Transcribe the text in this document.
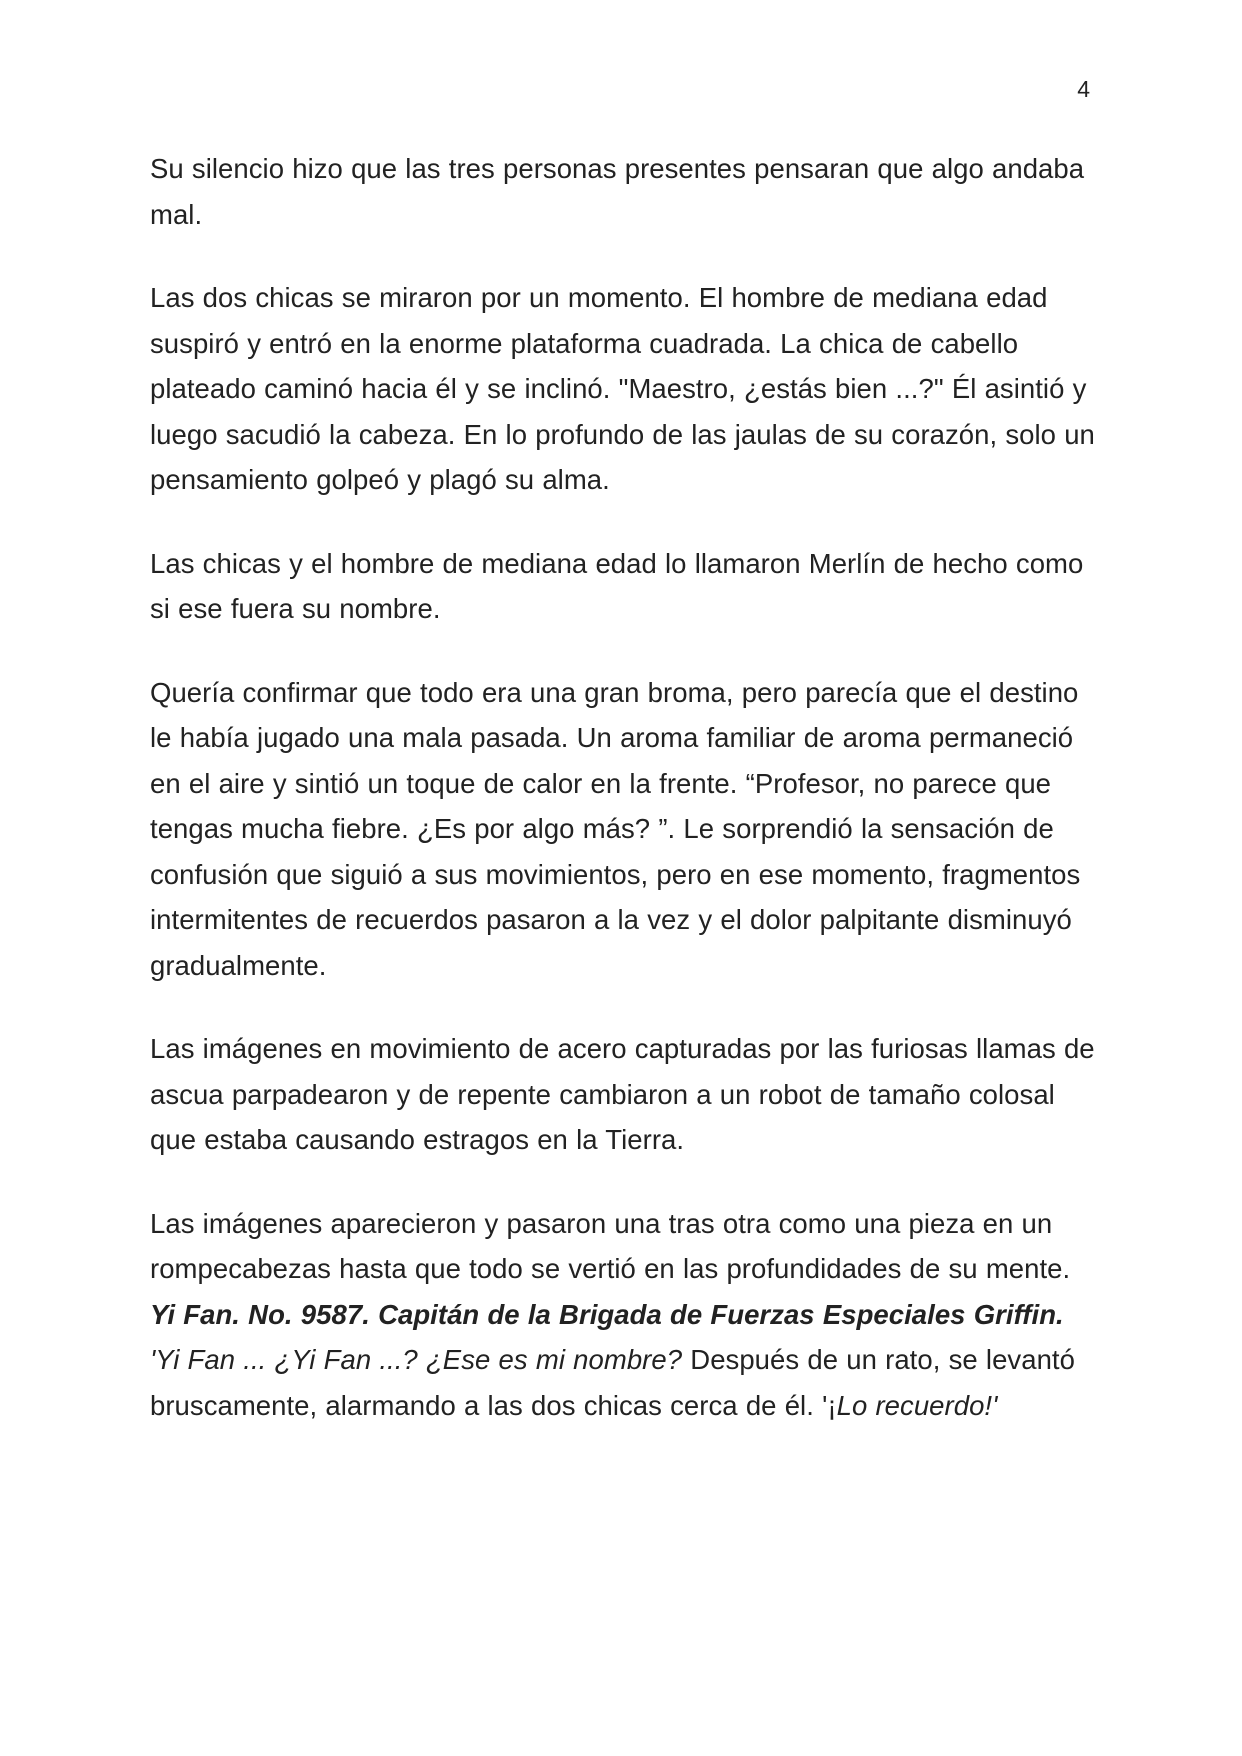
4

Su silencio hizo que las tres personas presentes pensaran que algo andaba mal.

Las dos chicas se miraron por un momento. El hombre de mediana edad suspiró y entró en la enorme plataforma cuadrada. La chica de cabello plateado caminó hacia él y se inclinó. "Maestro, ¿estás bien ...?" Él asintió y luego sacudió la cabeza. En lo profundo de las jaulas de su corazón, solo un pensamiento golpeó y plagó su alma.

Las chicas y el hombre de mediana edad lo llamaron Merlín de hecho como si ese fuera su nombre.

Quería confirmar que todo era una gran broma, pero parecía que el destino le había jugado una mala pasada. Un aroma familiar de aroma permaneció en el aire y sintió un toque de calor en la frente. “Profesor, no parece que tengas mucha fiebre. ¿Es por algo más? ”. Le sorprendió la sensación de confusión que siguió a sus movimientos, pero en ese momento, fragmentos intermitentes de recuerdos pasaron a la vez y el dolor palpitante disminuyó gradualmente.

Las imágenes en movimiento de acero capturadas por las furiosas llamas de ascua parpadearon y de repente cambiaron a un robot de tamaño colosal que estaba causando estragos en la Tierra.

Las imágenes aparecieron y pasaron una tras otra como una pieza en un rompecabezas hasta que todo se vertió en las profundidades de su mente. Yi Fan. No. 9587. Capitán de la Brigada de Fuerzas Especiales Griffin. 'Yi Fan ... ¿Yi Fan ...? ¿Ese es mi nombre? Después de un rato, se levantó bruscamente, alarmando a las dos chicas cerca de él. '¡Lo recuerdo!'
